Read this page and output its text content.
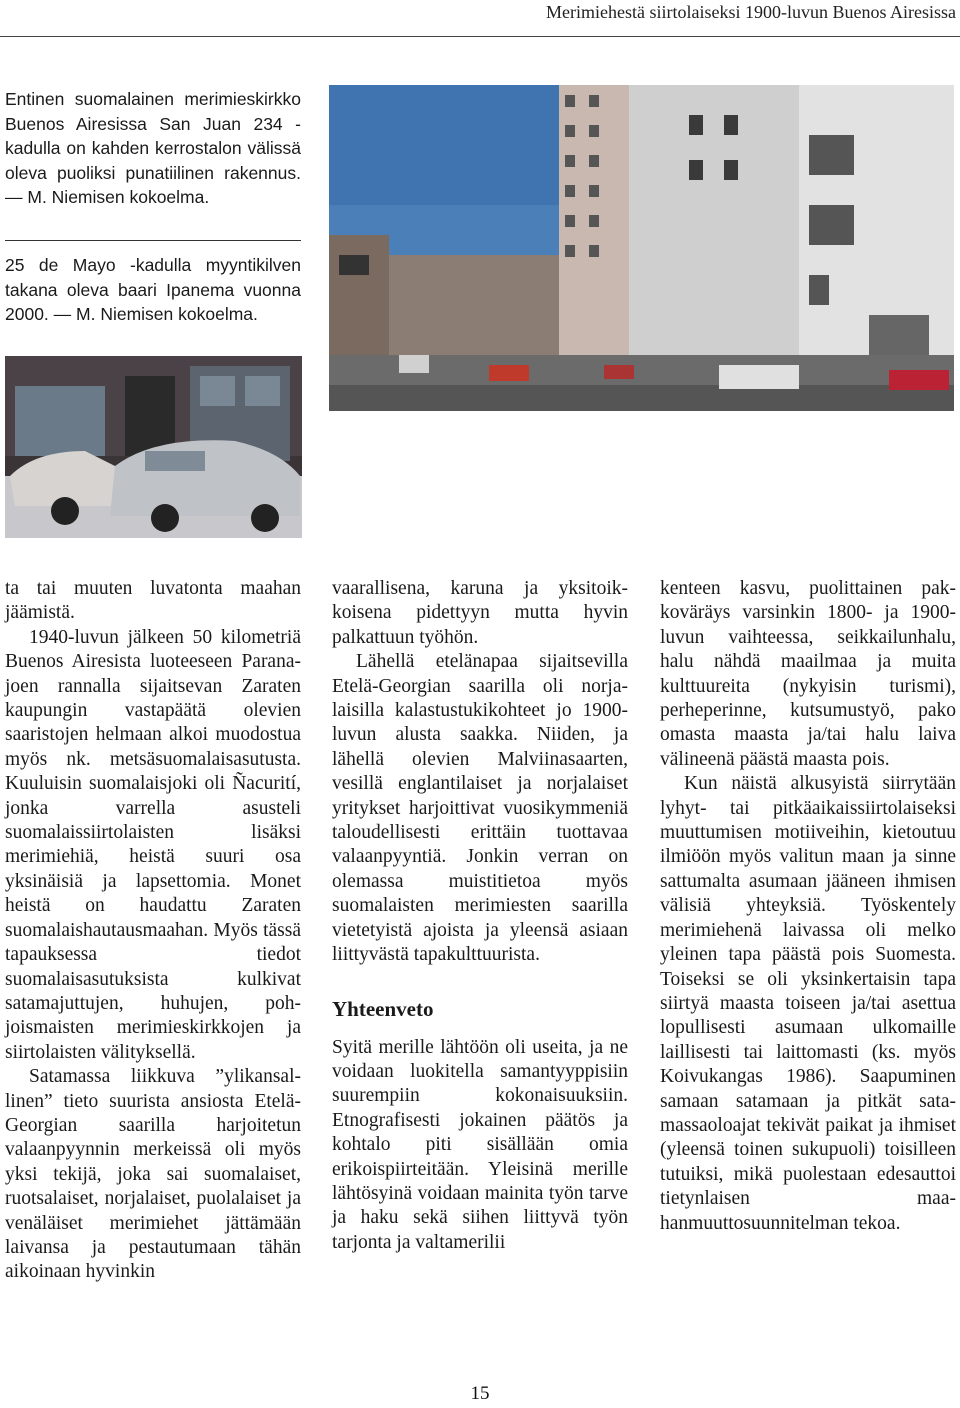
Merimiehestä siirtolaiseksi 1900-luvun Buenos Airesissa

Entinen suomalainen merimieskirkko Buenos Airesissa San Juan 234 -kadulla on kahden kerrostalon välissä oleva puoliksi punatiilinen rakennus. — M. Niemisen kokoelma.

25 de Mayo -kadulla myyntikilven takana oleva baari Ipanema vuonna 2000. — M. Niemisen kokoelma.

ta tai muuten luvatonta maahan jäämistä.

1940-luvun jälkeen 50 kilometriä Buenos Airesista luoteeseen Parana-joen rannalla sijaitsevan Zaraten kaupungin vastapäätä olevien saaristojen helmaan alkoi muodostua myös nk. metsäsuomalaisasutusta. Kuuluisin suomalaisjoki oli Ñacurití, jonka varrella asusteli suomalaissiirtolaisten lisäksi merimiehiä, heistä suuri osa yksinäisiä ja lapsettomia. Monet heistä on haudattu Zaraten suomalaishautausmaahan. Myös tässä tapauksessa tiedot suomalaisasutuksista kulkivat satamajuttujen, huhujen, pohjoismaisten merimieskirkkojen ja siirtolaisten välityksellä.

Satamassa liikkuva ”ylikansallinen” tieto suurista ansiosta Etelä-Georgian saarilla harjoitetun valaanpyynnin merkeissä oli myös yksi tekijä, joka sai suomalaiset, ruotsalaiset, norjalaiset, puolalaiset ja venäläiset merimiehet jättämään laivansa ja pestautumaan tähän aikoinaan hyvinkin

vaarallisena, karuna ja yksitoikkoisena pidettyyn mutta hyvin palkattuun työhön.

Lähellä etelänapaa sijaitsevilla Etelä-Georgian saarilla oli norjalaisilla kalastustukikohteet jo 1900-luvun alusta saakka. Niiden, ja lähellä olevien Malviinasaarten, vesillä englantilaiset ja norjalaiset yritykset harjoittivat vuosikymmeniä taloudellisesti erittäin tuottavaa valaanpyyntiä. Jonkin verran on olemassa muistitietoa myös suomalaisten merimiesten saarilla vietetyistä ajoista ja yleensä asiaan liittyvästä tapakulttuurista.

Yhteenveto

Syitä merille lähtöön oli useita, ja ne voidaan luokitella samantyyppisiin suurempiin kokonaisuuksiin. Etnografisesti jokainen päätös ja kohtalo piti sisällään omia erikoispiirteitään. Yleisinä merille lähtösyinä voidaan mainita työn tarve ja haku sekä siihen liittyvä työn tarjonta ja valtamerilii

kenteen kasvu, puolittainen pakkoväräys varsinkin 1800- ja 1900-luvun vaihteessa, seikkailunhalu, halu nähdä maailmaa ja muita kulttuureita (nykyisin turismi), perheperinne, kutsumustyö, pako omasta maasta ja/tai halu laiva välineenä päästä maasta pois.

Kun näistä alkusyistä siirrytään lyhyt- tai pitkäaikaissiirtolaiseksi muuttumisen motiiveihin, kietoutuu ilmiöön myös valitun maan ja sinne sattumalta asumaan jääneen ihmisen välisiä yhteyksiä. Työskentely merimiehenä laivassa oli melko yleinen tapa päästä pois Suomesta. Toiseksi se oli yksinkertaisin tapa siirtyä maasta toiseen ja/tai asettua lopullisesti asumaan ulkomaille laillisesti tai laittomasti (ks. myös Koivukangas 1986). Saapuminen samaan satamaan ja pitkät satamassaoloajat tekivät paikat ja ihmiset (yleensä toinen sukupuoli) toisilleen tutuiksi, mikä puolestaan edesauttoi tietynlaisen maahanmuuttosuunnitelman tekoa.

15
